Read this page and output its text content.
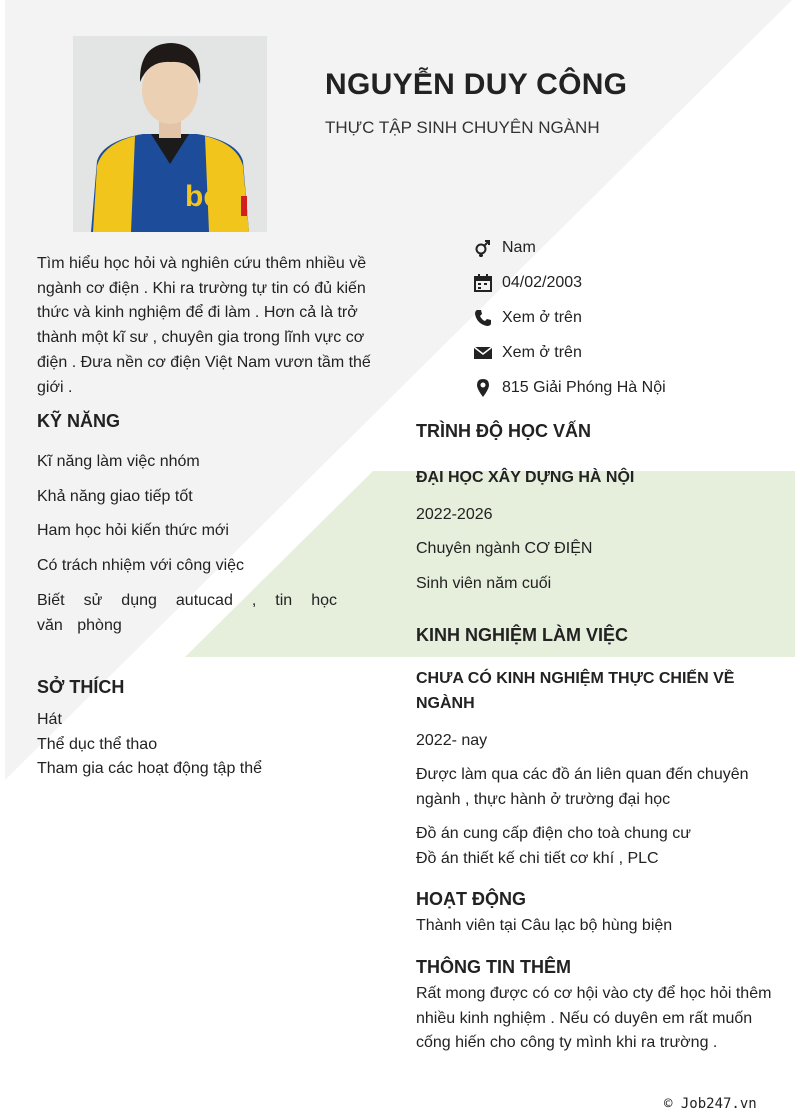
be
NGUYỄN DUY CÔNG
THỰC TẬP SINH CHUYÊN NGÀNH
Tìm hiểu học hỏi và nghiên cứu thêm nhiều về ngành cơ điện . Khi ra trường tự tin có đủ kiến thức và kinh nghiệm để đi làm . Hơn cả là trở thành một kĩ sư , chuyên gia trong lĩnh vực cơ điện . Đưa nền cơ điện Việt Nam vươn tầm thế giới .
KỸ NĂNG
Kĩ năng làm việc nhóm
Khả năng giao tiếp tốt
Ham học hỏi kiến thức mới
Có trách nhiệm với công việc
Biết sử dụng autucad , tin học văn phòng
SỞ THÍCH
Hát
Thể dục thể thao
Tham gia các hoạt động tập thể
Nam
04/02/2003
Xem ở trên
Xem ở trên
815 Giải Phóng Hà Nội
TRÌNH ĐỘ HỌC VẤN
ĐẠI HỌC XÂY DỰNG HÀ NỘI
2022-2026
Chuyên ngành CƠ ĐIỆN
Sinh viên năm cuối
KINH NGHIỆM LÀM VIỆC
CHƯA CÓ KINH NGHIỆM THỰC CHIẾN VỀ NGÀNH
2022- nay
Được làm qua các đồ án liên quan đến chuyên ngành , thực hành ở trường đại học
Đồ án cung cấp điện cho toà chung cư
Đồ án thiết kế chi tiết cơ khí , PLC
HOẠT ĐỘNG
Thành viên tại Câu lạc bộ hùng biện
THÔNG TIN THÊM
Rất mong được có cơ hội vào cty để học hỏi thêm nhiều kinh nghiệm . Nếu có duyên em rất muốn cống hiến cho công ty mình khi ra trường .
© Job247.vn
